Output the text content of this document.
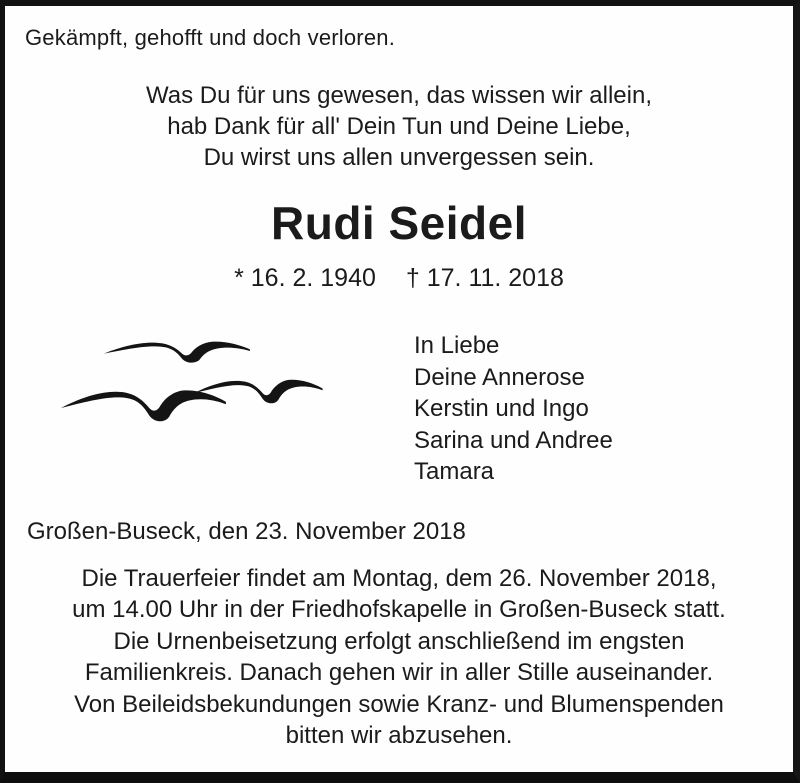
Gekämpft, gehofft und doch verloren.
Was Du für uns gewesen, das wissen wir allein,
hab Dank für all' Dein Tun und Deine Liebe,
Du wirst uns allen unvergessen sein.
Rudi Seidel
* 16. 2. 1940 † 17. 11. 2018
In Liebe
Deine Annerose
Kerstin und Ingo
Sarina und Andree
Tamara
Großen-Buseck, den 23. November 2018
Die Trauerfeier findet am Montag, dem 26. November 2018,
um 14.00 Uhr in der Friedhofskapelle in Großen-Buseck statt.
Die Urnenbeisetzung erfolgt anschließend im engsten
Familienkreis. Danach gehen wir in aller Stille auseinander.
Von Beileidsbekundungen sowie Kranz- und Blumenspenden
bitten wir abzusehen.
